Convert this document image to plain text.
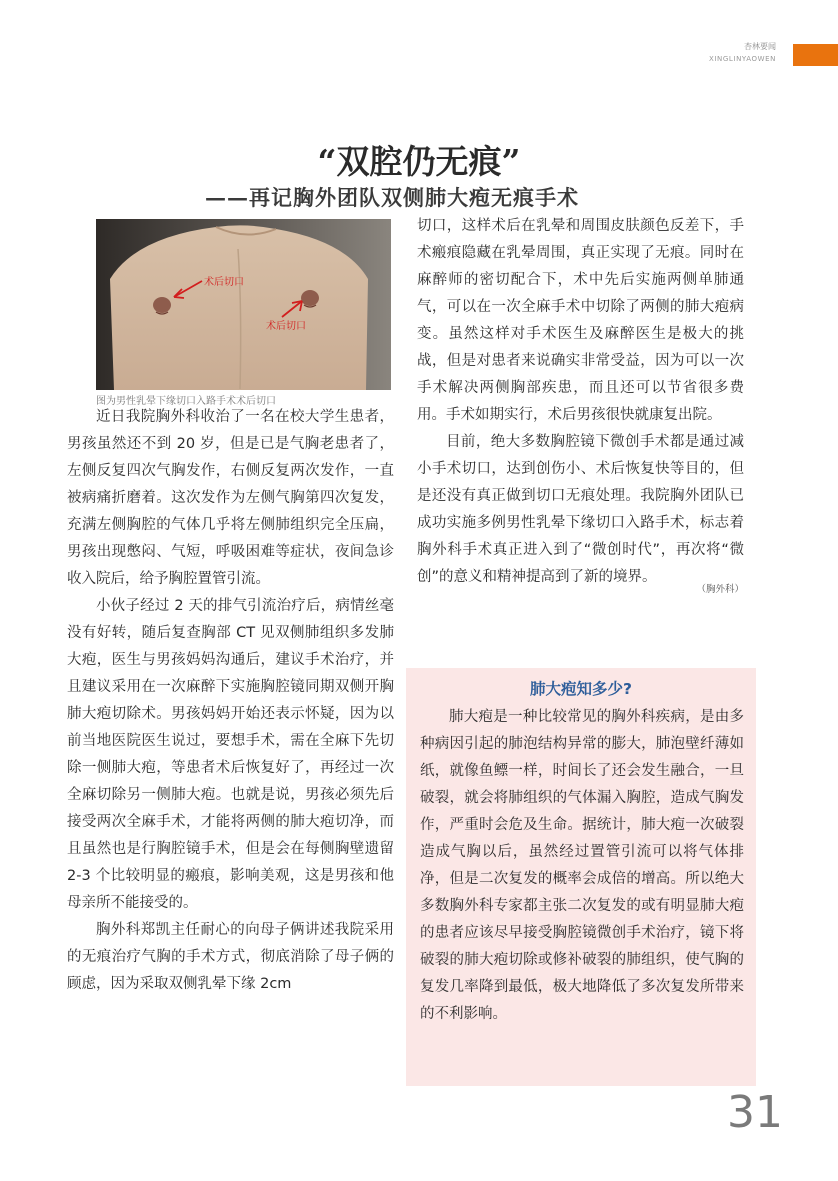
杏林要闻
XINGLINYAOWEN
“双腔仍无痕”
——再记胸外团队双侧肺大疱无痕手术
术后切口
术后切口
图为男性乳晕下缘切口入路手术术后切口

近日我院胸外科收治了一名在校大学生患者，男孩虽然还不到 20 岁，但是已是气胸老患者了，左侧反复四次气胸发作，右侧反复两次发作，一直被病痛折磨着。这次发作为左侧气胸第四次复发，充满左侧胸腔的气体几乎将左侧肺组织完全压扁，男孩出现憋闷、气短，呼吸困难等症状，夜间急诊收入院后，给予胸腔置管引流。

小伙子经过 2 天的排气引流治疗后，病情丝毫没有好转，随后复查胸部 CT 见双侧肺组织多发肺大疱，医生与男孩妈妈沟通后，建议手术治疗，并且建议采用在一次麻醉下实施胸腔镜同期双侧开胸肺大疱切除术。男孩妈妈开始还表示怀疑，因为以前当地医院医生说过，要想手术，需在全麻下先切除一侧肺大疱，等患者术后恢复好了，再经过一次全麻切除另一侧肺大疱。也就是说，男孩必须先后接受两次全麻手术，才能将两侧的肺大疱切净，而且虽然也是行胸腔镜手术，但是会在每侧胸壁遗留 2-3 个比较明显的瘢痕，影响美观，这是男孩和他母亲所不能接受的。

胸外科郑凯主任耐心的向母子俩讲述我院采用的无痕治疗气胸的手术方式，彻底消除了母子俩的顾虑，因为采取双侧乳晕下缘 2cm

切口，这样术后在乳晕和周围皮肤颜色反差下，手术瘢痕隐藏在乳晕周围，真正实现了无痕。同时在麻醉师的密切配合下，术中先后实施两侧单肺通气，可以在一次全麻手术中切除了两侧的肺大疱病变。虽然这样对手术医生及麻醉医生是极大的挑战，但是对患者来说确实非常受益，因为可以一次手术解决两侧胸部疾患，而且还可以节省很多费用。手术如期实行，术后男孩很快就康复出院。

目前，绝大多数胸腔镜下微创手术都是通过减小手术切口，达到创伤小、术后恢复快等目的，但是还没有真正做到切口无痕处理。我院胸外团队已成功实施多例男性乳晕下缘切口入路手术，标志着胸外科手术真正进入到了“微创时代”，再次将“微创”的意义和精神提高到了新的境界。

（胸外科）
肺大疱知多少?

肺大疱是一种比较常见的胸外科疾病，是由多种病因引起的肺泡结构异常的膨大，肺泡壁纤薄如纸，就像鱼鳔一样，时间长了还会发生融合，一旦破裂，就会将肺组织的气体漏入胸腔，造成气胸发作，严重时会危及生命。据统计，肺大疱一次破裂造成气胸以后，虽然经过置管引流可以将气体排净，但是二次复发的概率会成倍的增高。所以绝大多数胸外科专家都主张二次复发的或有明显肺大疱的患者应该尽早接受胸腔镜微创手术治疗，镜下将破裂的肺大疱切除或修补破裂的肺组织，使气胸的复发几率降到最低，极大地降低了多次复发所带来的不利影响。

31
